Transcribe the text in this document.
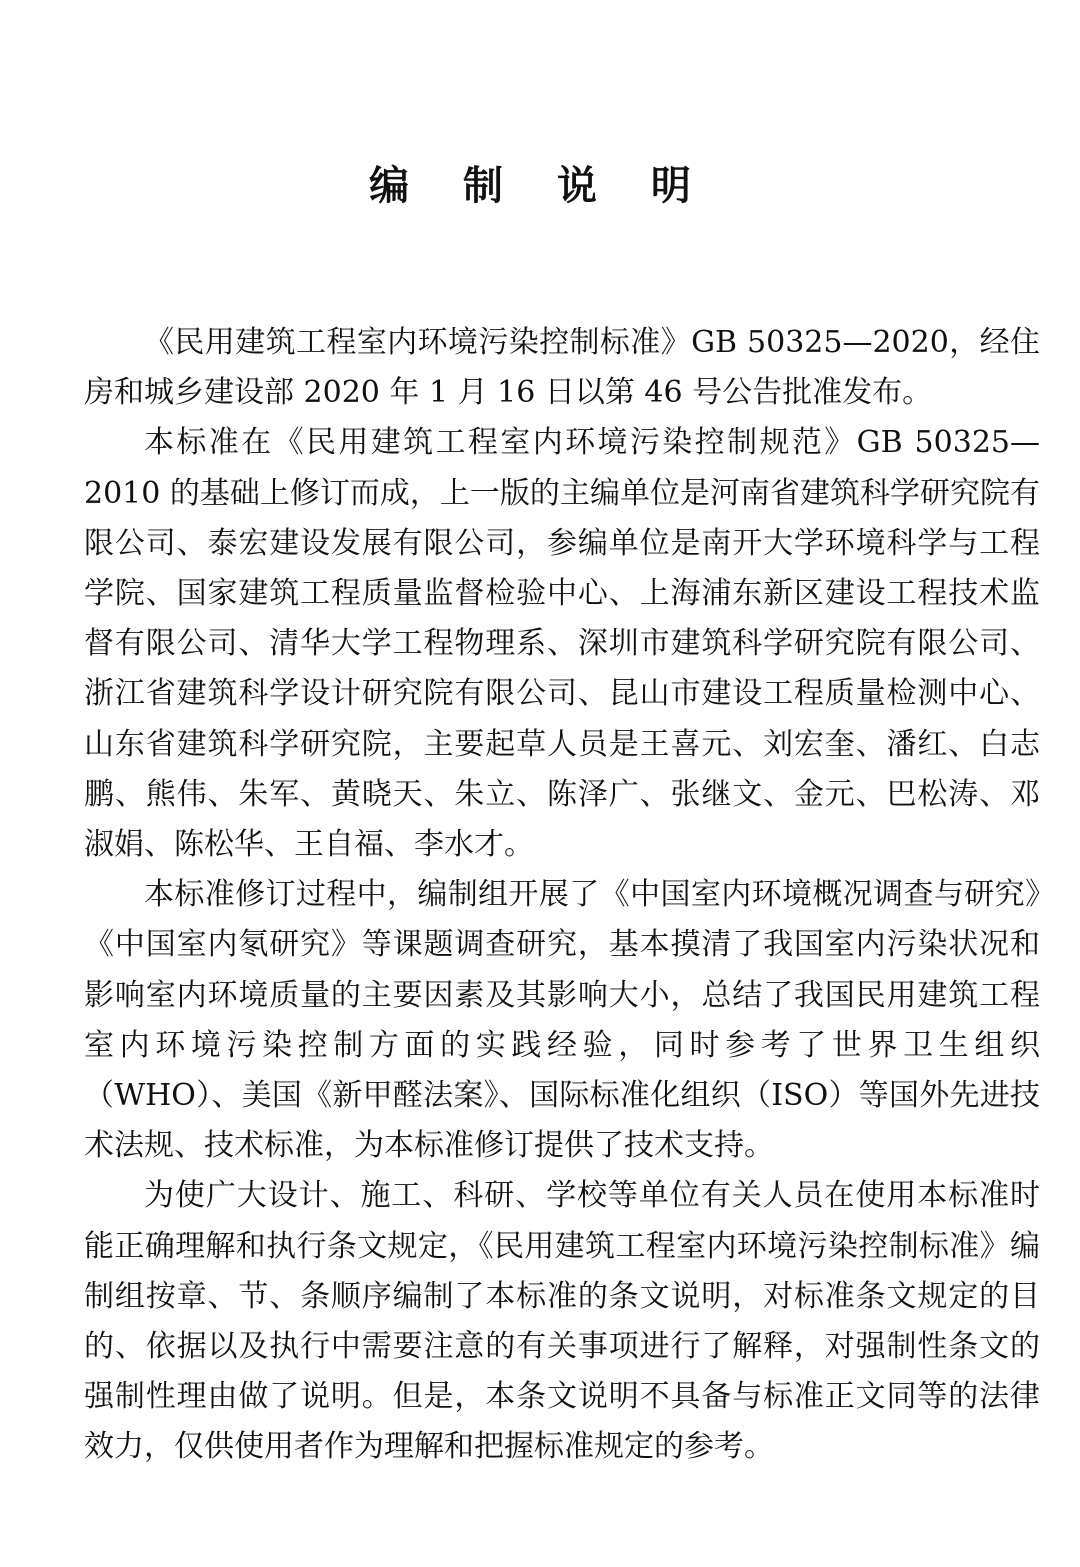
编 制 说 明

《民用建筑工程室内环境污染控制标准》GB 50325—2020，经住房和城乡建设部 2020 年 1 月 16 日以第 46 号公告批准发布。

本标准在《民用建筑工程室内环境污染控制规范》GB 50325—2010 的基础上修订而成，上一版的主编单位是河南省建筑科学研究院有限公司、泰宏建设发展有限公司，参编单位是南开大学环境科学与工程学院、国家建筑工程质量监督检验中心、上海浦东新区建设工程技术监督有限公司、清华大学工程物理系、深圳市建筑科学研究院有限公司、浙江省建筑科学设计研究院有限公司、昆山市建设工程质量检测中心、山东省建筑科学研究院，主要起草人员是王喜元、刘宏奎、潘红、白志鹏、熊伟、朱军、黄晓天、朱立、陈泽广、张继文、金元、巴松涛、邓淑娟、陈松华、王自福、李水才。

本标准修订过程中，编制组开展了《中国室内环境概况调查与研究》《中国室内氡研究》等课题调查研究，基本摸清了我国室内污染状况和影响室内环境质量的主要因素及其影响大小，总结了我国民用建筑工程室内环境污染控制方面的实践经验，同时参考了世界卫生组织（WHO）、美国《新甲醛法案》、国际标准化组织（ISO）等国外先进技术法规、技术标准，为本标准修订提供了技术支持。

为使广大设计、施工、科研、学校等单位有关人员在使用本标准时能正确理解和执行条文规定，《民用建筑工程室内环境污染控制标准》编制组按章、节、条顺序编制了本标准的条文说明，对标准条文规定的目的、依据以及执行中需要注意的有关事项进行了解释，对强制性条文的强制性理由做了说明。但是，本条文说明不具备与标准正文同等的法律效力，仅供使用者作为理解和把握标准规定的参考。
